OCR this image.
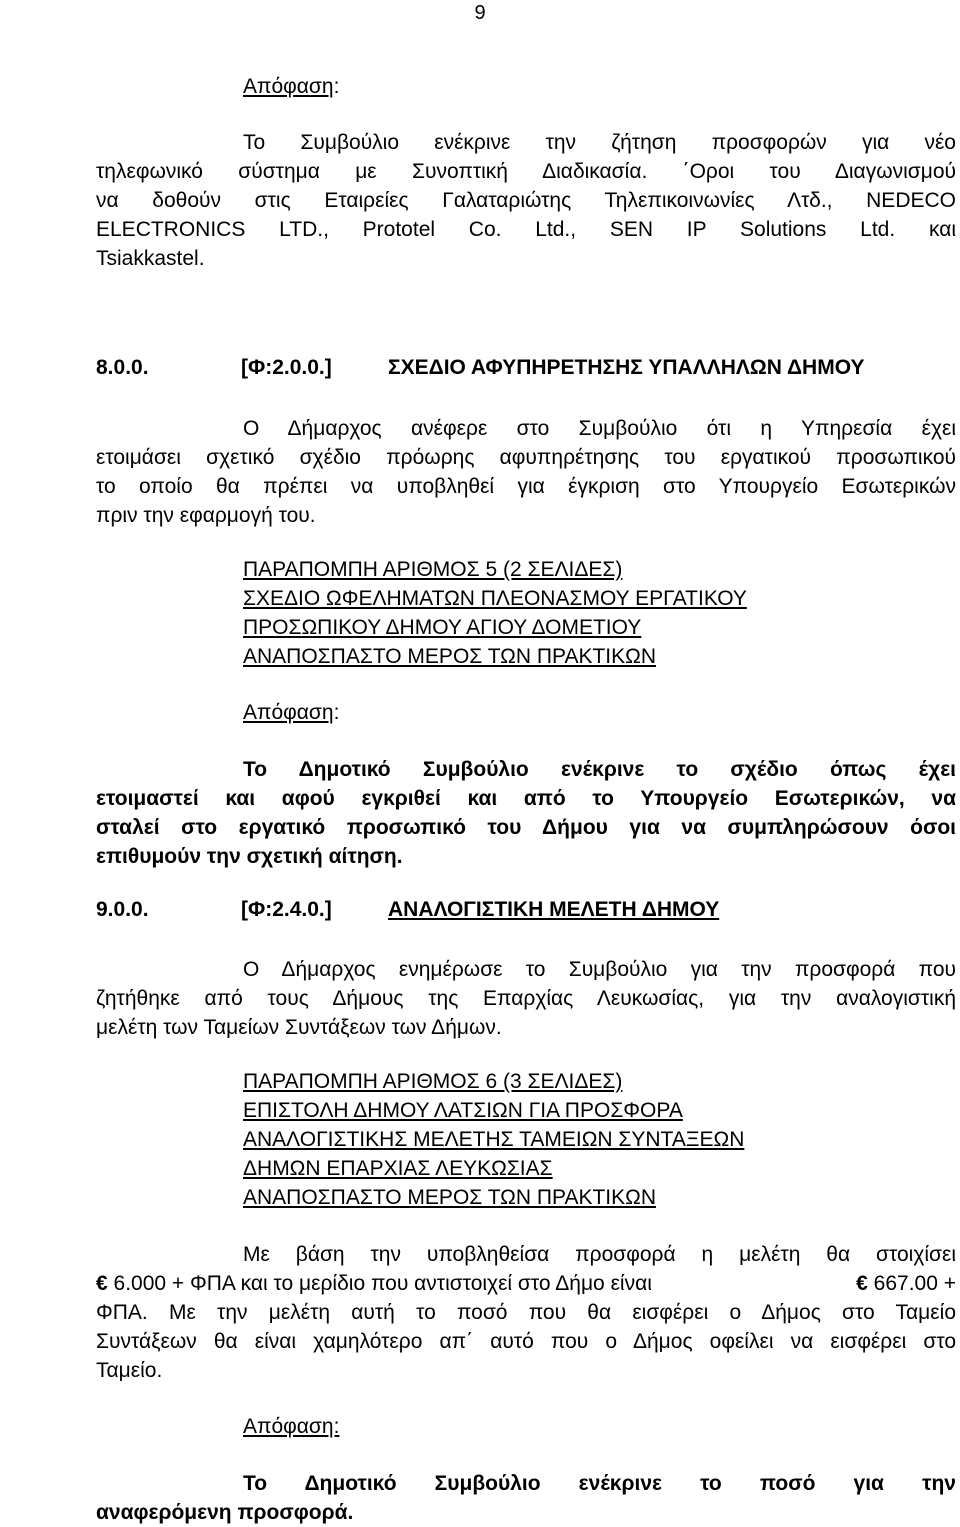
9
Απόφαση:
Το Συμβούλιο ενέκρινε την ζήτηση προσφορών για νέο
τηλεφωνικό σύστημα με Συνοπτική Διαδικασία. ΄Οροι του Διαγωνισμού
να δοθούν στις Εταιρείες Γαλαταριώτης Τηλεπικοινωνίες Λτδ., NEDECO
ELECTRONICS LTD., Prototel Co. Ltd., SEN IP Solutions Ltd. και
Tsiakkastel.
8.0.0.	[Φ:2.0.0.]	ΣΧΕΔΙΟ ΑΦΥΠΗΡΕΤΗΣΗΣ ΥΠΑΛΛΗΛΩΝ ΔΗΜΟΥ
Ο Δήμαρχος ανέφερε στο Συμβούλιο ότι η Υπηρεσία έχει
ετοιμάσει σχετικό σχέδιο πρόωρης αφυπηρέτησης του εργατικού προσωπικού
το οποίο θα πρέπει να υποβληθεί για έγκριση στο Υπουργείο Εσωτερικών
πριν την εφαρμογή του.
ΠΑΡΑΠΟΜΠΗ ΑΡΙΘΜΟΣ 5 (2 ΣΕΛΙΔΕΣ)
ΣΧΕΔΙΟ ΩΦΕΛΗΜΑΤΩΝ ΠΛΕΟΝΑΣΜΟΥ ΕΡΓΑΤΙΚΟΥ
ΠΡΟΣΩΠΙΚΟΥ ΔΗΜΟΥ ΑΓΙΟΥ ΔΟΜΕΤΙΟΥ
ΑΝΑΠΟΣΠΑΣΤΟ ΜΕΡΟΣ ΤΩΝ ΠΡΑΚΤΙΚΩΝ
Απόφαση:
Το Δημοτικό Συμβούλιο ενέκρινε το σχέδιο όπως έχει
ετοιμαστεί και αφού εγκριθεί και από το Υπουργείο Εσωτερικών, να
σταλεί στο εργατικό προσωπικό του Δήμου για να συμπληρώσουν όσοι
επιθυμούν την σχετική αίτηση.
9.0.0.	[Φ:2.4.0.]	ΑΝΑΛΟΓΙΣΤΙΚΗ ΜΕΛΕΤΗ ΔΗΜΟΥ
Ο Δήμαρχος ενημέρωσε το Συμβούλιο για την προσφορά που
ζητήθηκε από τους Δήμους της Επαρχίας Λευκωσίας, για την αναλογιστική
μελέτη των Ταμείων Συντάξεων των Δήμων.
ΠΑΡΑΠΟΜΠΗ ΑΡΙΘΜΟΣ 6 (3 ΣΕΛΙΔΕΣ)
ΕΠΙΣΤΟΛΗ ΔΗΜΟΥ ΛΑΤΣΙΩΝ ΓΙΑ ΠΡΟΣΦΟΡΑ
ΑΝΑΛΟΓΙΣΤΙΚΗΣ ΜΕΛΕΤΗΣ ΤΑΜΕΙΩΝ ΣΥΝΤΑΞΕΩΝ
ΔΗΜΩΝ ΕΠΑΡΧΙΑΣ ΛΕΥΚΩΣΙΑΣ
ΑΝΑΠΟΣΠΑΣΤΟ ΜΕΡΟΣ ΤΩΝ ΠΡΑΚΤΙΚΩΝ
Με βάση την υποβληθείσα προσφορά η μελέτη θα στοιχίσει
€ 6.000 + ΦΠΑ και το μερίδιο που αντιστοιχεί στο Δήμο είναι	€ 667.00 +
ΦΠΑ. Με την μελέτη αυτή το ποσό που θα εισφέρει ο Δήμος στο Ταμείο
Συντάξεων θα είναι χαμηλότερο απ΄ αυτό που ο Δήμος οφείλει να εισφέρει στο
Ταμείο.
Απόφαση:
Το Δημοτικό Συμβούλιο ενέκρινε το ποσό για την
αναφερόμενη προσφορά.
